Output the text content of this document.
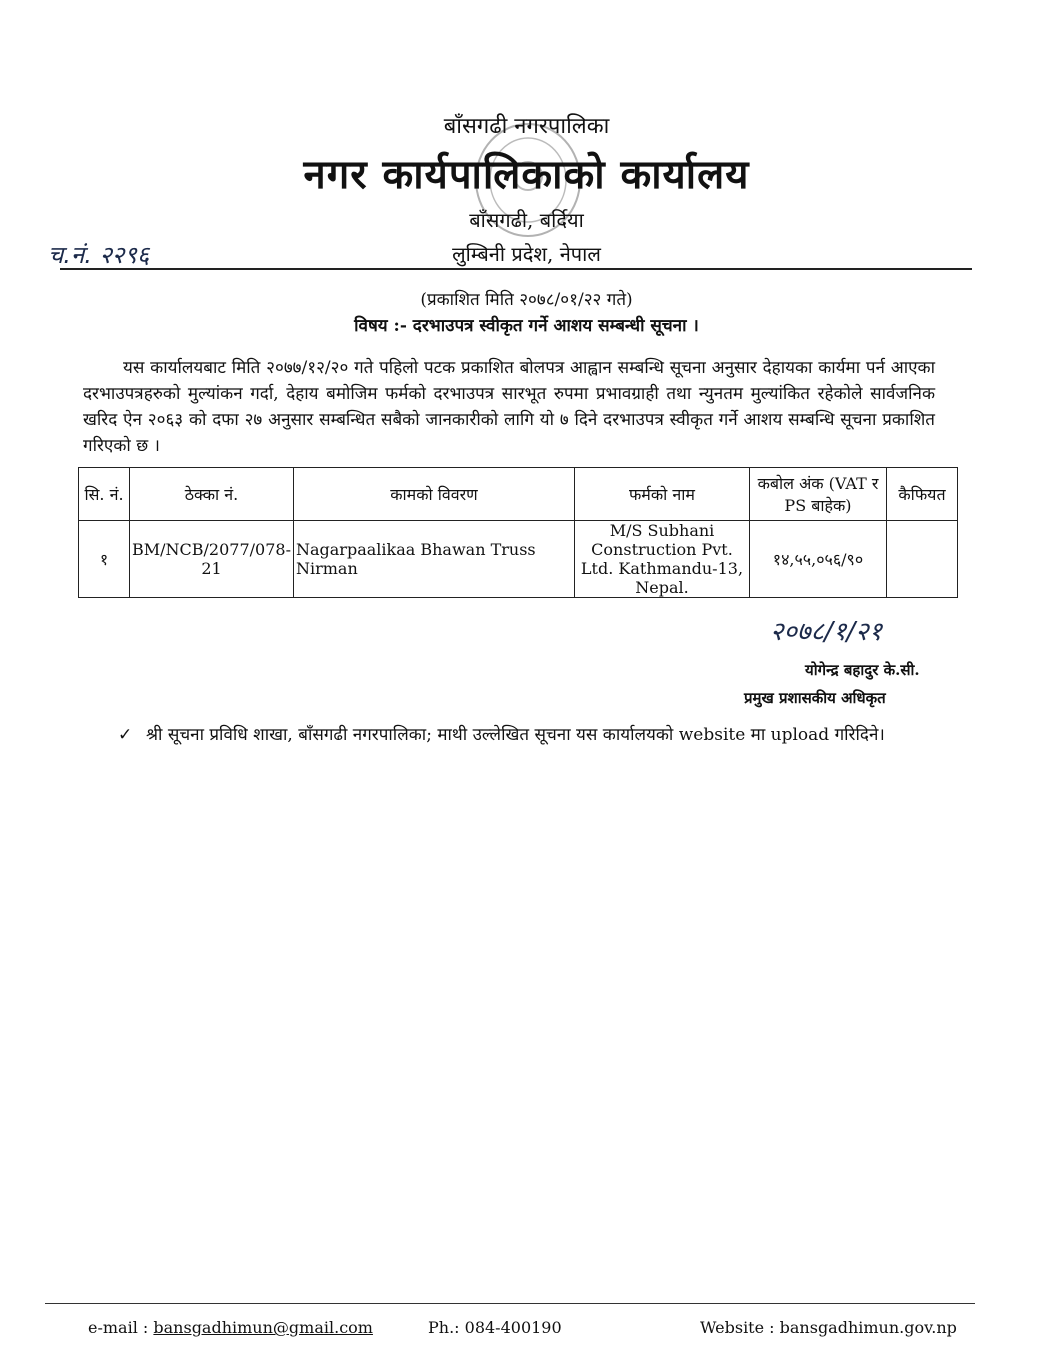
बाँसगढी नगरपालिका
नगर कार्यपालिकाको कार्यालय
बाँसगढी, बर्दिया
लुम्बिनी प्रदेश, नेपाल
च.नं. २२९६
(प्रकाशित मिति २०७८/०१/२२ गते)
विषय :- दरभाउपत्र स्वीकृत गर्ने आशय सम्बन्धी सूचना ।
यस कार्यालयबाट मिति २०७७/१२/२० गते पहिलो पटक प्रकाशित बोलपत्र आह्वान सम्बन्धि सूचना अनुसार देहायका कार्यमा पर्न आएका दरभाउपत्रहरुको मुल्यांकन गर्दा, देहाय बमोजिम फर्मको दरभाउपत्र सारभूत रुपमा प्रभावग्राही तथा न्युनतम मुल्यांकित रहेकोले सार्वजनिक खरिद ऐन २०६३ को दफा २७ अनुसार सम्बन्धित सबैको जानकारीको लागि यो ७ दिने दरभाउपत्र स्वीकृत गर्ने आशय सम्बन्धि सूचना प्रकाशित गरिएको छ ।
सि. नं.	ठेक्का नं.	कामको विवरण	फर्मको नाम	कबोल अंक (VAT र PS बाहेक)	कैफियत
१	BM/NCB/2077/078-21	Nagarpaalikaa Bhawan Truss Nirman	M/S Subhani Construction Pvt. Ltd. Kathmandu-13, Nepal.	१४,५५,०५६/९०	
२०७८/१/२१
योगेन्द्र बहादुर के.सी.
प्रमुख प्रशासकीय अधिकृत
✓ श्री सूचना प्रविधि शाखा, बाँसगढी नगरपालिका; माथी उल्लेखित सूचना यस कार्यालयको website मा upload गरिदिने।
e-mail : bansgadhimun@gmail.com	Ph.: 084-400190	Website : bansgadhimun.gov.np
